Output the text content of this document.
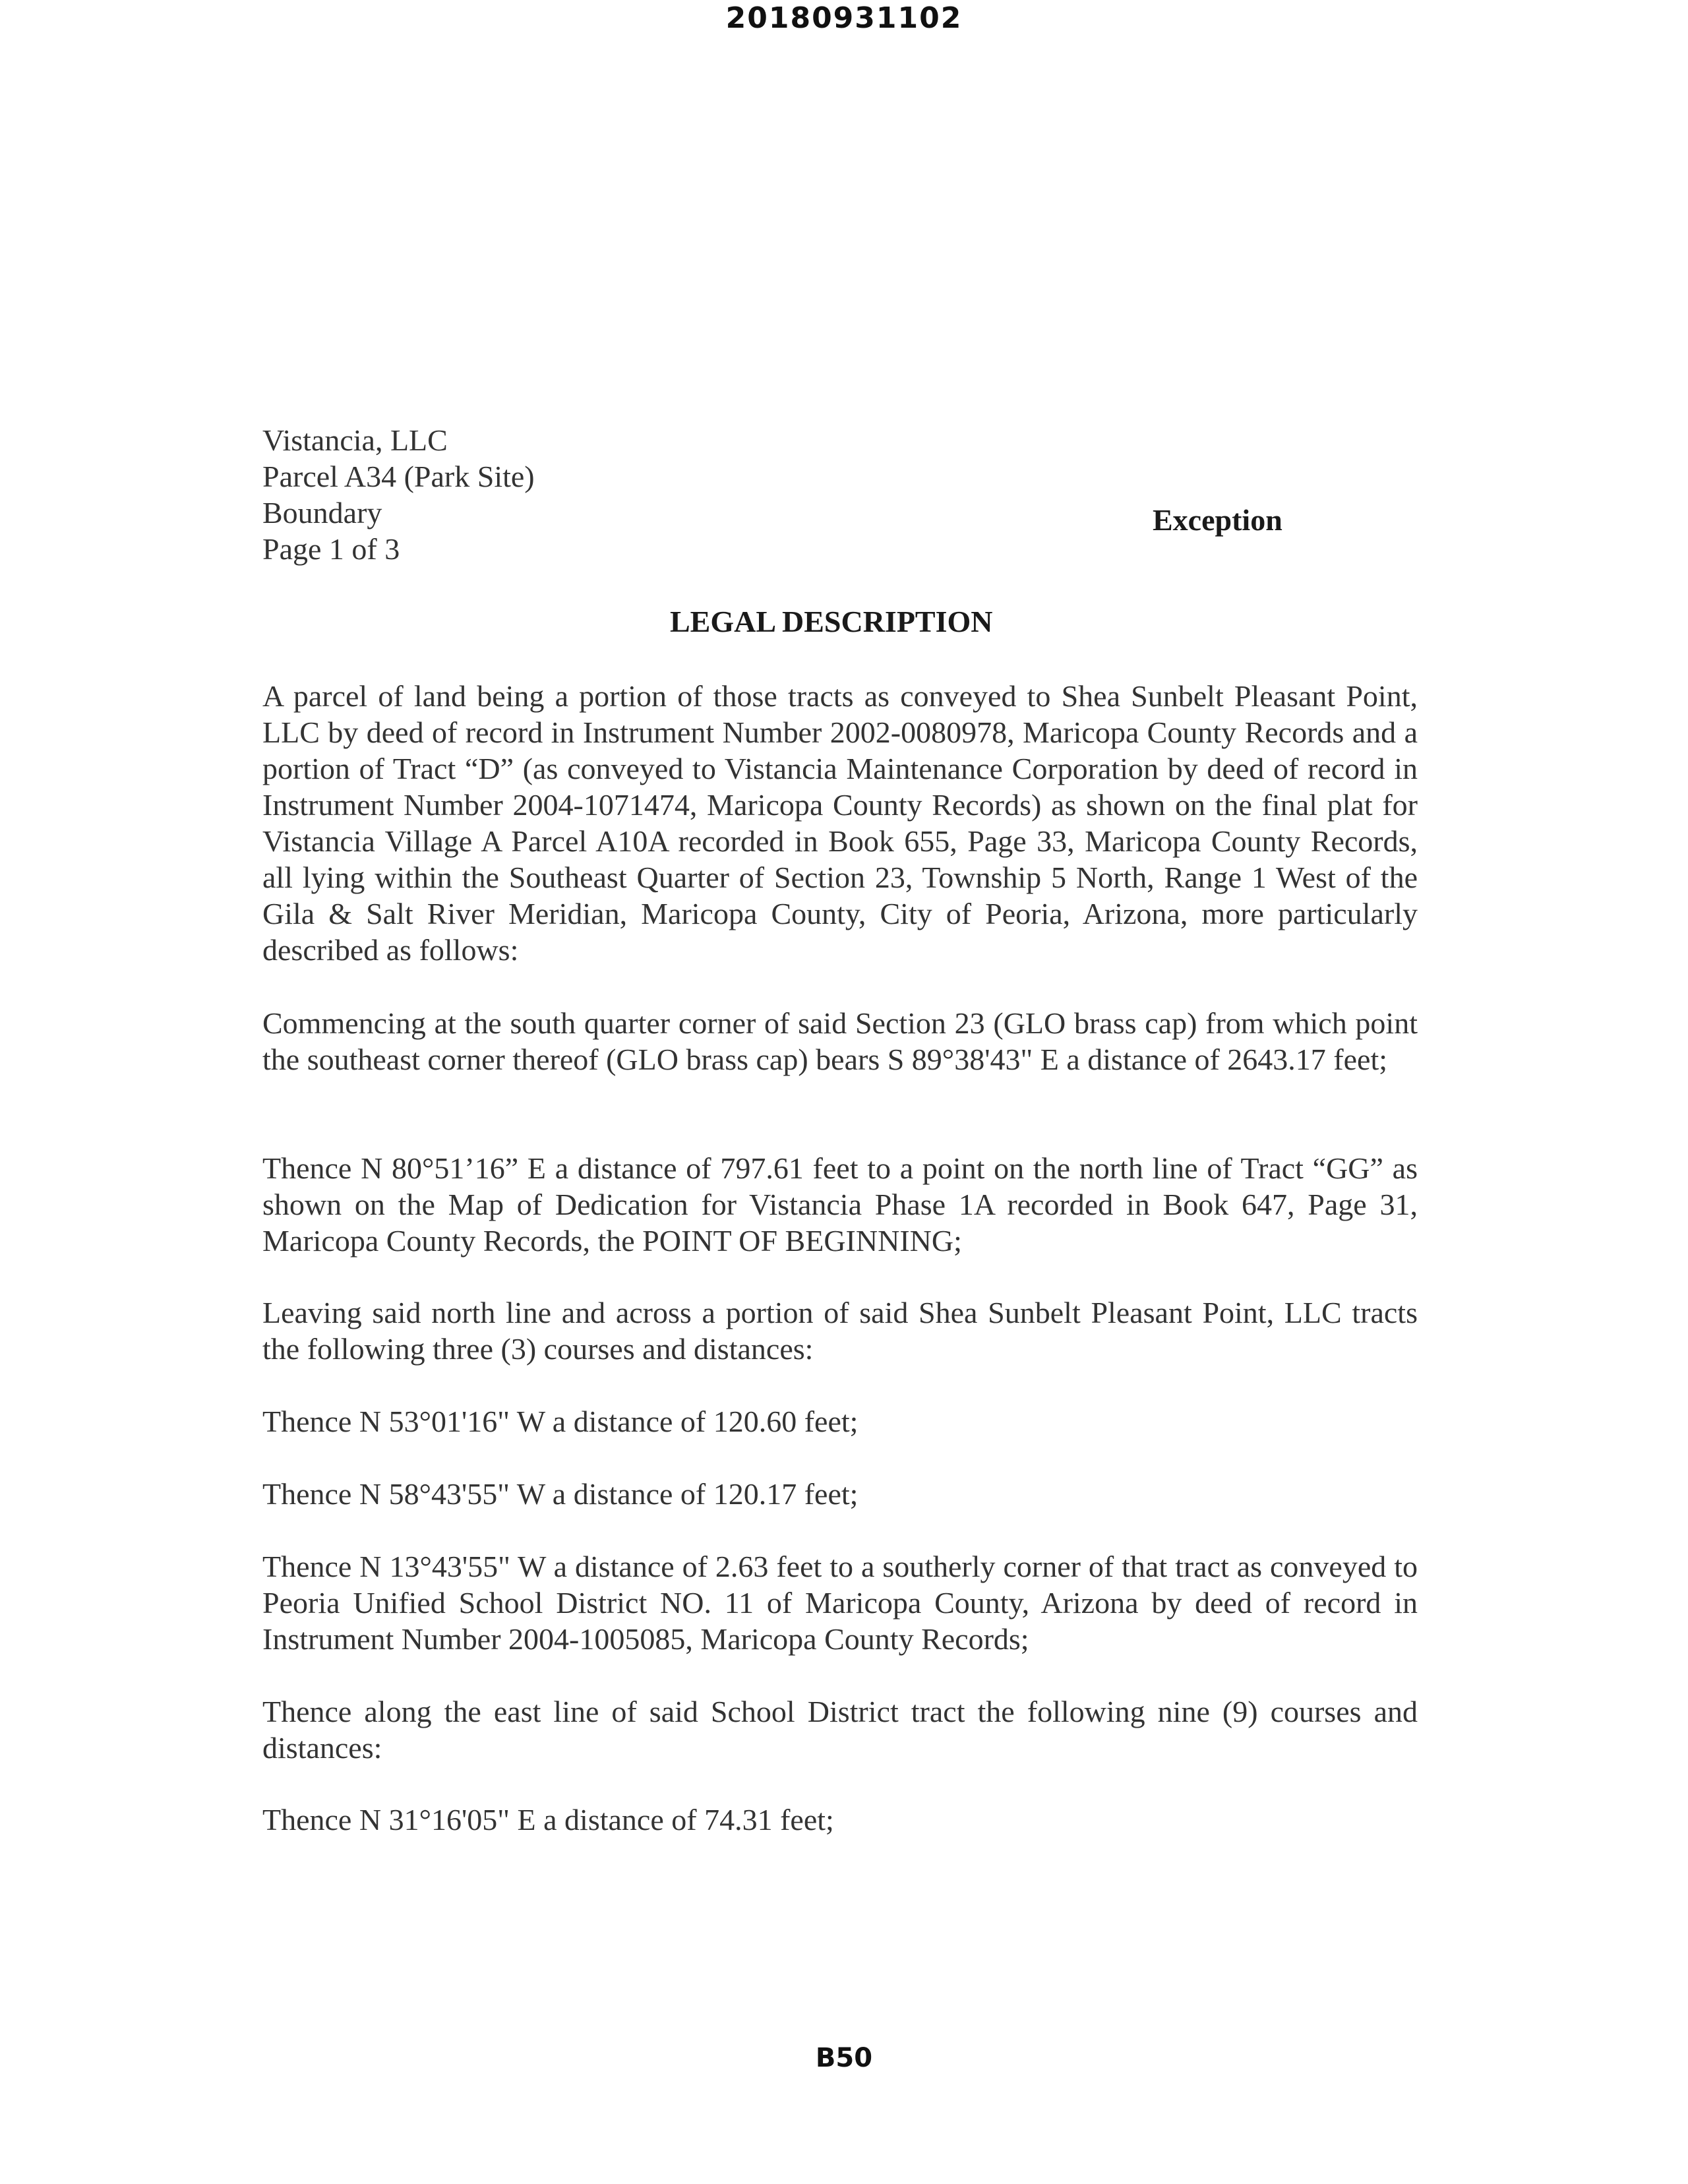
20180931102
Vistancia, LLC
Parcel A34 (Park Site)
Boundary
Page 1 of 3
Exception
LEGAL DESCRIPTION
A parcel of land being a portion of those tracts as conveyed to Shea Sunbelt Pleasant Point, LLC by deed of record in Instrument Number 2002-0080978, Maricopa County Records and a portion of Tract “D” (as conveyed to Vistancia Maintenance Corporation by deed of record in Instrument Number 2004-1071474, Maricopa County Records) as shown on the final plat for Vistancia Village A Parcel A10A recorded in Book 655, Page 33, Maricopa County Records, all lying within the Southeast Quarter of Section 23, Township 5 North, Range 1 West of the Gila & Salt River Meridian, Maricopa County, City of Peoria, Arizona, more particularly described as follows:
Commencing at the south quarter corner of said Section 23 (GLO brass cap) from which point the southeast corner thereof (GLO brass cap) bears S 89°38'43" E a distance of 2643.17 feet;
Thence N 80°51’16” E a distance of 797.61 feet to a point on the north line of Tract “GG” as shown on the Map of Dedication for Vistancia Phase 1A recorded in Book 647, Page 31, Maricopa County Records, the POINT OF BEGINNING;
Leaving said north line and across a portion of said Shea Sunbelt Pleasant Point, LLC tracts the following three (3) courses and distances:
Thence N 53°01'16" W a distance of 120.60 feet;
Thence N 58°43'55" W a distance of 120.17 feet;
Thence N 13°43'55" W a distance of 2.63 feet to a southerly corner of that tract as conveyed to Peoria Unified School District NO. 11 of Maricopa County, Arizona by deed of record in Instrument Number 2004-1005085, Maricopa County Records;
Thence along the east line of said School District tract the following nine (9) courses and distances:
Thence N 31°16'05" E a distance of 74.31 feet;
B50
